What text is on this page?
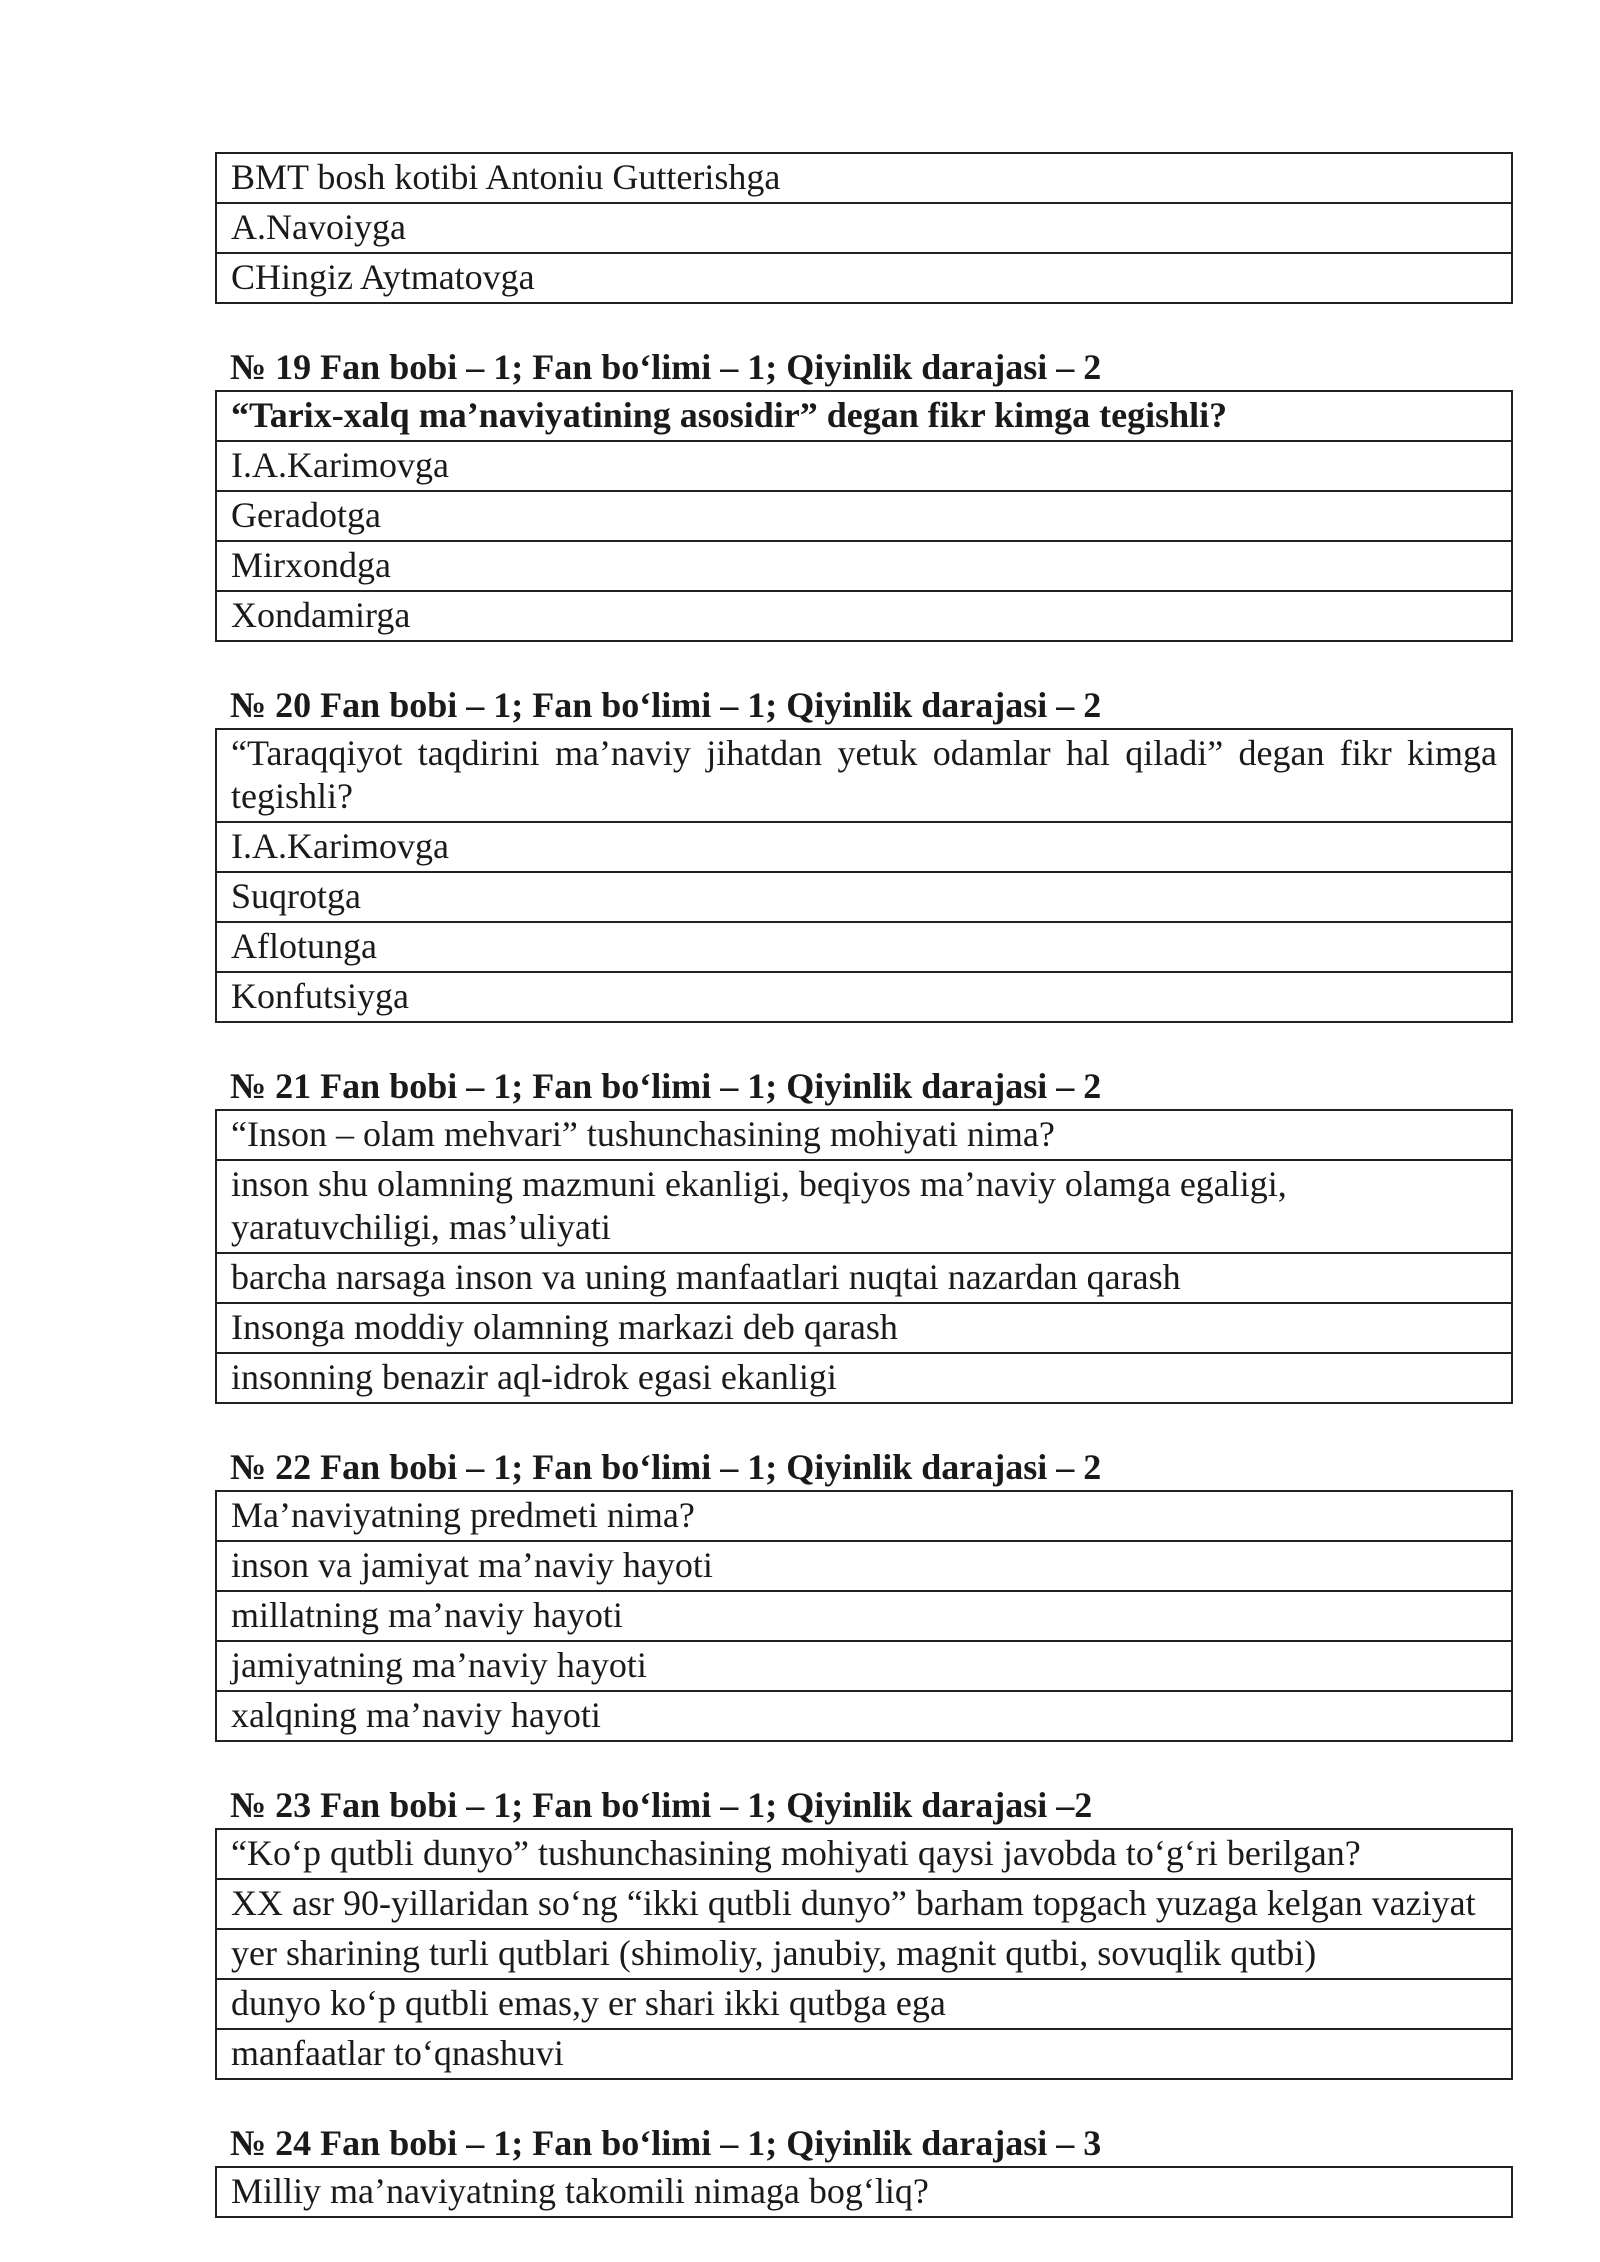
BMT bosh kotibi Antoniu Gutterishga
A.Navoiyga
CHingiz Aytmatovga
№ 19 Fan bobi – 1; Fan bo‘limi – 1; Qiyinlik darajasi – 2
“Tarix-xalq ma’naviyatining asosidir” degan fikr kimga tegishli?
I.A.Karimovga
Geradotga
Mirxondga
Xondamirga
№ 20 Fan bobi – 1; Fan bo‘limi – 1; Qiyinlik darajasi – 2
“Taraqqiyot taqdirini ma’naviy jihatdan yetuk odamlar hal qiladi” degan fikr kimga tegishli?
I.A.Karimovga
Suqrotga
Aflotunga
Konfutsiyga
№ 21 Fan bobi – 1; Fan bo‘limi – 1; Qiyinlik darajasi – 2
“Inson – olam mehvari” tushunchasining mohiyati nima?
inson shu olamning mazmuni ekanligi, beqiyos ma’naviy olamga egaligi, yaratuvchiligi, mas’uliyati
barcha narsaga inson va uning manfaatlari nuqtai nazardan qarash
Insonga moddiy olamning markazi deb qarash
insonning benazir aql-idrok egasi ekanligi
№ 22 Fan bobi – 1; Fan bo‘limi – 1; Qiyinlik darajasi – 2
Ma’naviyatning predmeti nima?
inson va jamiyat ma’naviy hayoti
millatning ma’naviy hayoti
jamiyatning ma’naviy hayoti
xalqning ma’naviy hayoti
№ 23 Fan bobi – 1; Fan bo‘limi – 1; Qiyinlik darajasi –2
“Ko‘p qutbli dunyo” tushunchasining mohiyati qaysi javobda to‘g‘ri berilgan?
XX asr 90-yillaridan so‘ng “ikki qutbli dunyo” barham topgach yuzaga kelgan vaziyat
yer sharining turli qutblari (shimoliy, janubiy, magnit qutbi, sovuqlik qutbi)
dunyo ko‘p qutbli emas,y er shari ikki qutbga ega
manfaatlar to‘qnashuvi
№ 24 Fan bobi – 1; Fan bo‘limi – 1; Qiyinlik darajasi – 3
Milliy ma’naviyatning takomili nimaga bog‘liq?
